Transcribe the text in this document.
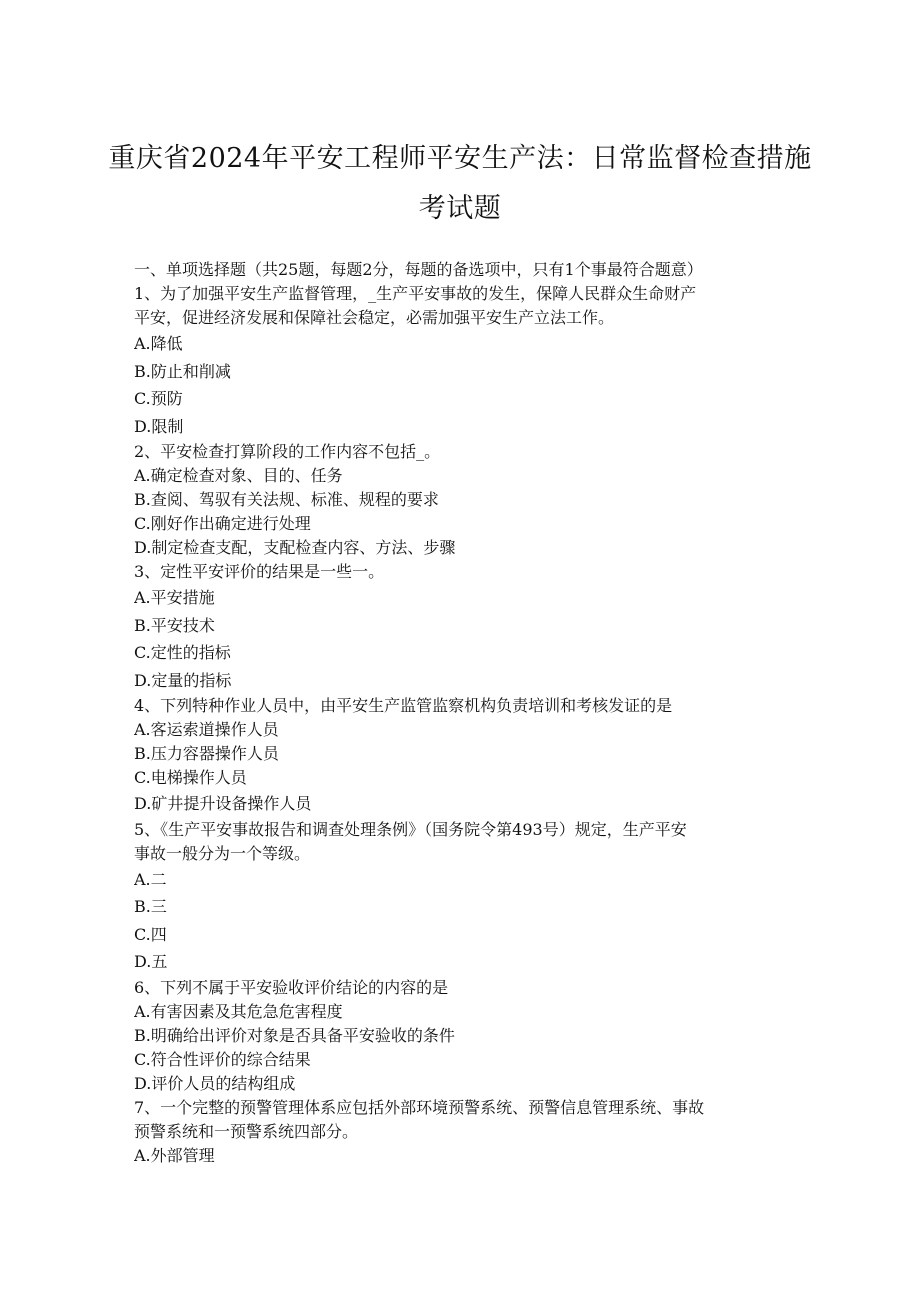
重庆省2024年平安工程师平安生产法：日常监督检查措施
考试题
一、单项选择题（共25题，每题2分，每题的备选项中，只有1个事最符合题意）
1、为了加强平安生产监督管理，_生产平安事故的发生，保障人民群众生命财产
平安，促进经济发展和保障社会稳定，必需加强平安生产立法工作。
A.降低
B.防止和削减
C.预防
D.限制
2、平安检查打算阶段的工作内容不包括_。
A.确定检查对象、目的、任务
B.查阅、驾驭有关法规、标准、规程的要求
C.刚好作出确定进行处理
D.制定检查支配，支配检查内容、方法、步骤
3、定性平安评价的结果是一些一。
A.平安措施
B.平安技术
C.定性的指标
D.定量的指标
4、下列特种作业人员中，由平安生产监管监察机构负责培训和考核发证的是
A.客运索道操作人员
B.压力容器操作人员
C.电梯操作人员
D.矿井提升设备操作人员
5、《生产平安事故报告和调查处理条例》（国务院令第493号）规定，生产平安
事故一般分为一个等级。
A.二
B.三
C.四
D.五
6、下列不属于平安验收评价结论的内容的是
A.有害因素及其危急危害程度
B.明确给出评价对象是否具备平安验收的条件
C.符合性评价的综合结果
D.评价人员的结构组成
7、一个完整的预警管理体系应包括外部环境预警系统、预警信息管理系统、事故
预警系统和一预警系统四部分。
A.外部管理
